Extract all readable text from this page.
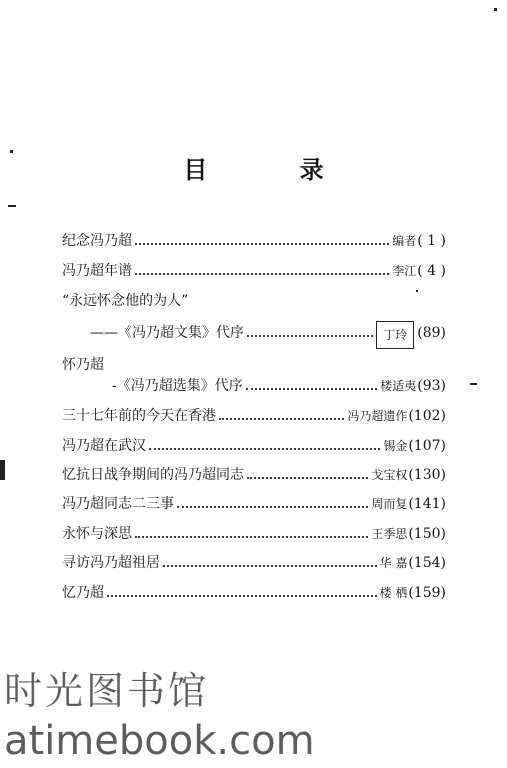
目 录
纪念冯乃超	编者 ( 1 )
冯乃超年谱	李江 ( 4 )
“永远怀念他的为人”
——《冯乃超文集》代序	丁玲 (89)
怀乃超
-《冯乃超选集》代序	楼适夷 (93)
三十七年前的今天在香港	冯乃超遗作 (102)
冯乃超在武汉	锡金 (107)
忆抗日战争期间的冯乃超同志	戈宝权 (130)
冯乃超同志二三事	周而复 (141)
永怀与深思	王季思 (150)
寻访冯乃超祖居	华 嘉 (154)
忆乃超	楼 栖 (159)
时光图书馆
atimebook.com
